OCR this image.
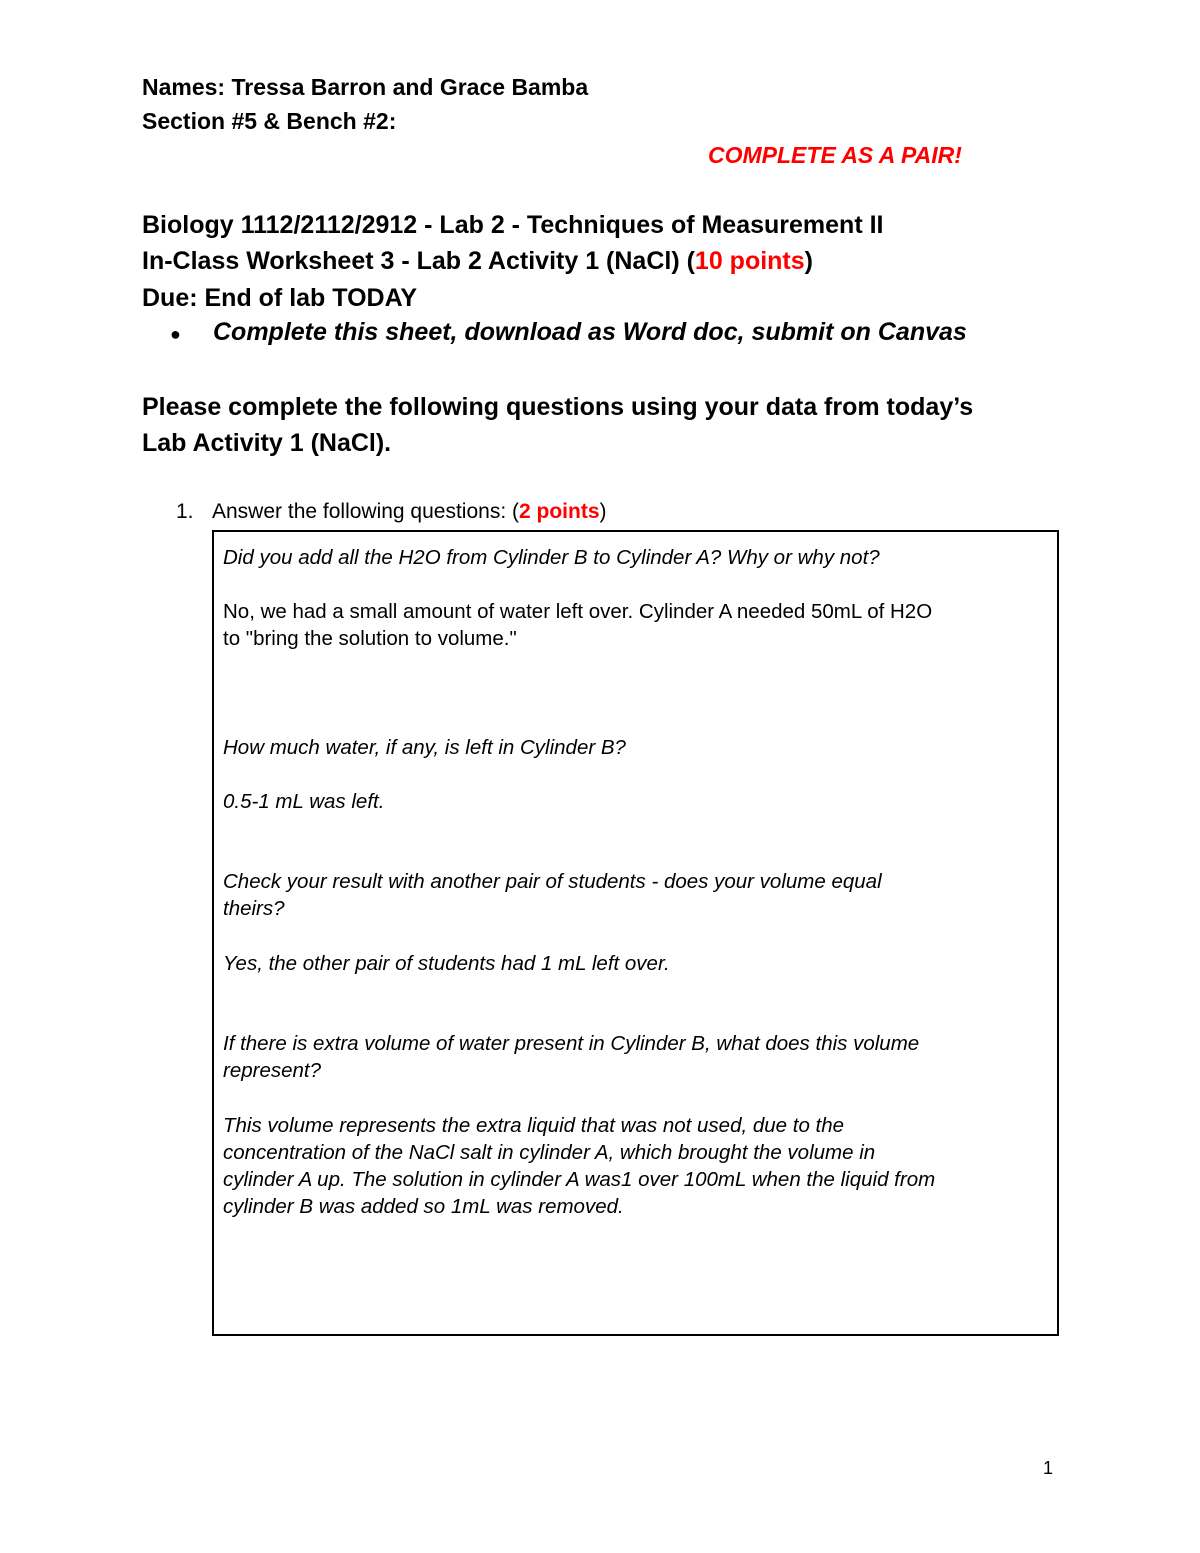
Names: Tressa Barron and Grace Bamba
Section #5 & Bench #2:
COMPLETE AS A PAIR!
Biology 1112/2112/2912 - Lab 2 - Techniques of Measurement II
In-Class Worksheet 3 - Lab 2 Activity 1 (NaCl) (10 points)
Due: End of lab TODAY
● Complete this sheet, download as Word doc, submit on Canvas
Please complete the following questions using your data from today’s
Lab Activity 1 (NaCl).
1. Answer the following questions: (2 points)
Did you add all the H2O from Cylinder B to Cylinder A? Why or why not?
No, we had a small amount of water left over. Cylinder A needed 50mL of H2O
to "bring the solution to volume."
How much water, if any, is left in Cylinder B?
0.5-1 mL was left.
Check your result with another pair of students - does your volume equal
theirs?
Yes, the other pair of students had 1 mL left over.
If there is extra volume of water present in Cylinder B, what does this volume
represent?
This volume represents the extra liquid that was not used, due to the
concentration of the NaCl salt in cylinder A, which brought the volume in
cylinder A up. The solution in cylinder A was1 over 100mL when the liquid from
cylinder B was added so 1mL was removed.
1
